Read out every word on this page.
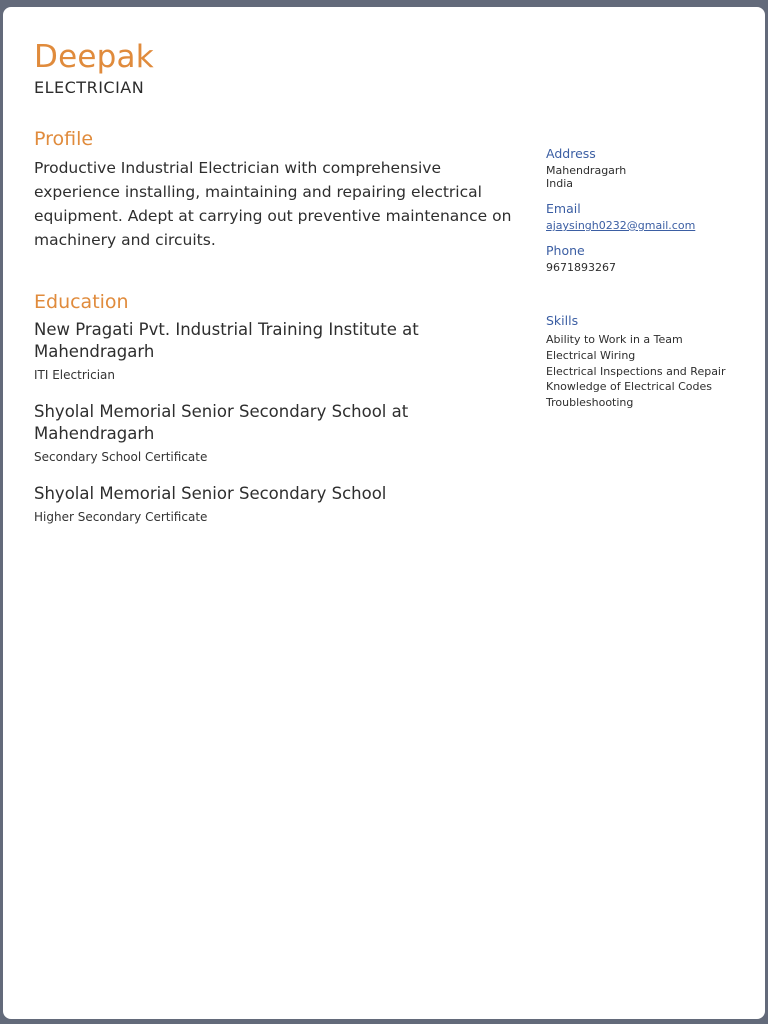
Deepak
ELECTRICIAN
Profile

Productive Industrial Electrician with comprehensive experience installing, maintaining and repairing electrical equipment. Adept at carrying out preventive maintenance on machinery and circuits.

Education
New Pragati Pvt. Industrial Training Institute at Mahendragarh

ITI Electrician

Shyolal Memorial Senior Secondary School at Mahendragarh

Secondary School Certificate

Shyolal Memorial Senior Secondary School

Higher Secondary Certificate

Address

Mahendragarh
India

Email

ajaysingh0232@gmail.com

Phone

9671893267

Skills

Ability to Work in a Team
Electrical Wiring
Electrical Inspections and Repair
Knowledge of Electrical Codes
Troubleshooting
